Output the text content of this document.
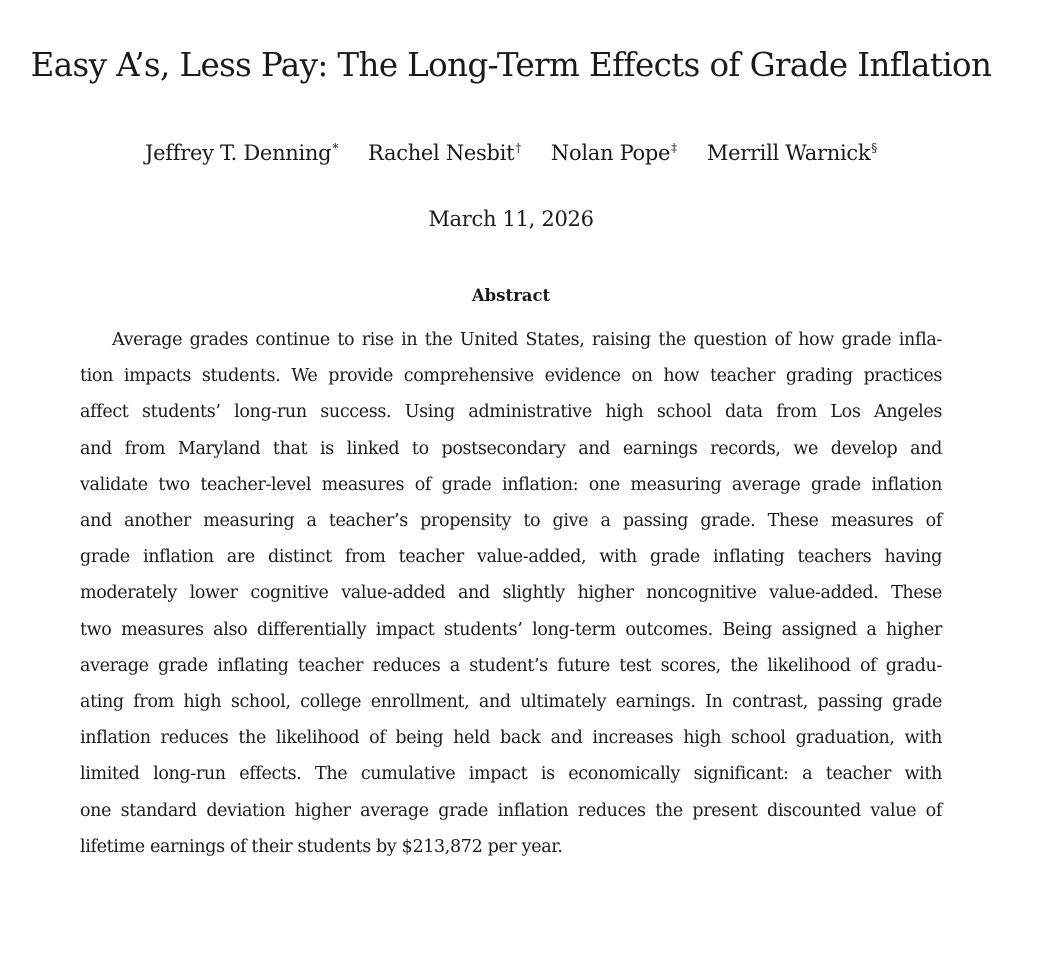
Easy A’s, Less Pay: The Long-Term Effects of Grade Inflation
Jeffrey T. Denning* Rachel Nesbit† Nolan Pope‡ Merrill Warnick§
March 11, 2026
Abstract
Average grades continue to rise in the United States, raising the question of how grade infla-
tion impacts students. We provide comprehensive evidence on how teacher grading practices
affect students’ long-run success. Using administrative high school data from Los Angeles
and from Maryland that is linked to postsecondary and earnings records, we develop and
validate two teacher-level measures of grade inflation: one measuring average grade inflation
and another measuring a teacher’s propensity to give a passing grade. These measures of
grade inflation are distinct from teacher value-added, with grade inflating teachers having
moderately lower cognitive value-added and slightly higher noncognitive value-added. These
two measures also differentially impact students’ long-term outcomes. Being assigned a higher
average grade inflating teacher reduces a student’s future test scores, the likelihood of gradu-
ating from high school, college enrollment, and ultimately earnings. In contrast, passing grade
inflation reduces the likelihood of being held back and increases high school graduation, with
limited long-run effects. The cumulative impact is economically significant: a teacher with
one standard deviation higher average grade inflation reduces the present discounted value of
lifetime earnings of their students by $213,872 per year.
